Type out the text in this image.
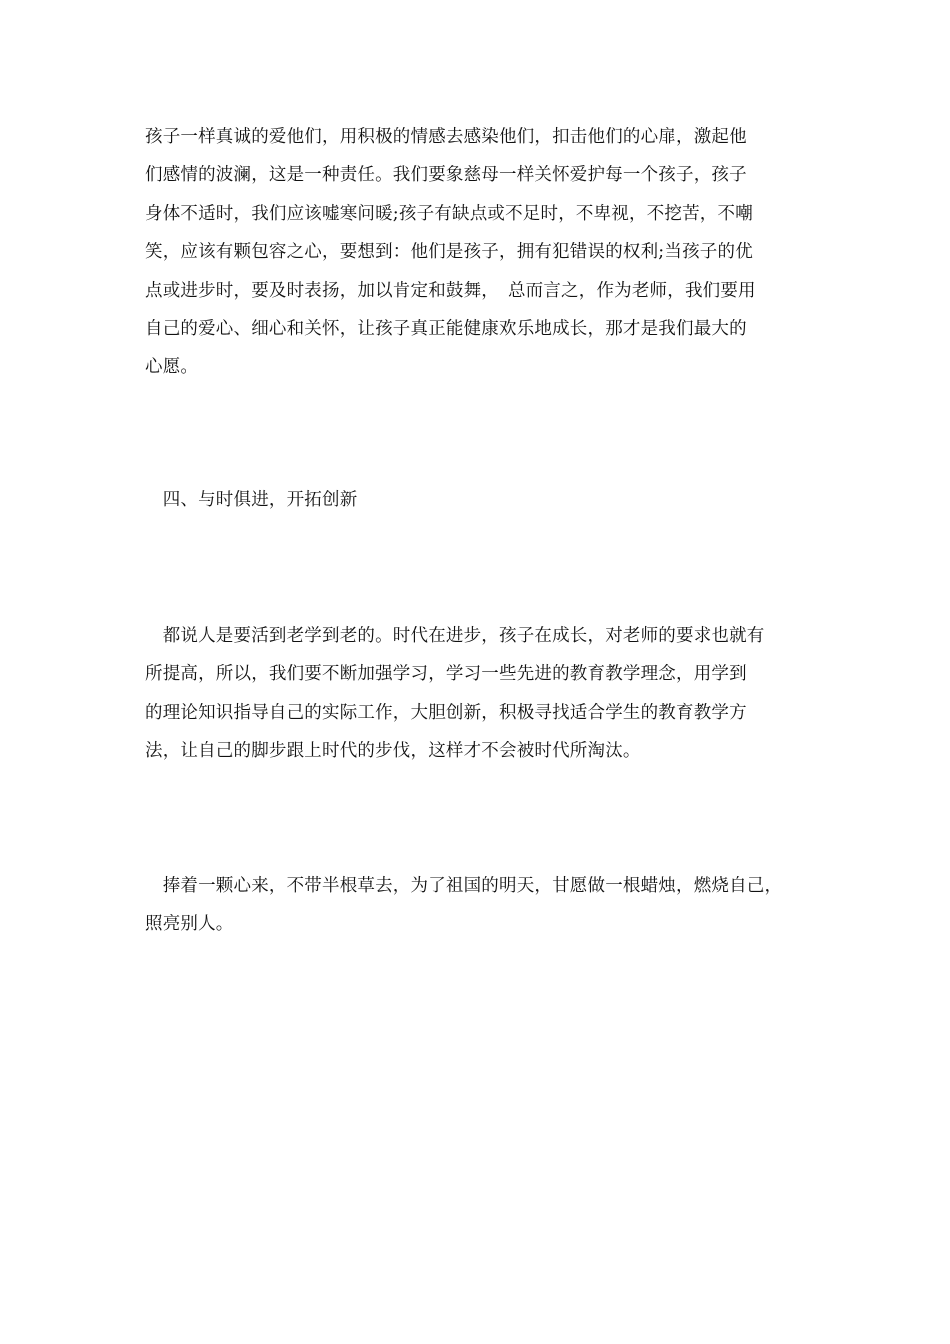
孩子一样真诚的爱他们，用积极的情感去感染他们，扣击他们的心扉，激起他
们感情的波澜，这是一种责任。我们要象慈母一样关怀爱护每一个孩子，孩子
身体不适时，我们应该嘘寒问暖;孩子有缺点或不足时，不卑视，不挖苦，不嘲
笑，应该有颗包容之心，要想到：他们是孩子，拥有犯错误的权利;当孩子的优
点或进步时，要及时表扬，加以肯定和鼓舞，　总而言之，作为老师，我们要用
自己的爱心、细心和关怀，让孩子真正能健康欢乐地成长，那才是我们最大的
心愿。
　四、与时俱进，开拓创新
　都说人是要活到老学到老的。时代在进步，孩子在成长，对老师的要求也就有
所提高，所以，我们要不断加强学习，学习一些先进的教育教学理念，用学到
的理论知识指导自己的实际工作，大胆创新，积极寻找适合学生的教育教学方
法，让自己的脚步跟上时代的步伐，这样才不会被时代所淘汰。
　捧着一颗心来，不带半根草去，为了祖国的明天，甘愿做一根蜡烛，燃烧自己，
照亮别人。
